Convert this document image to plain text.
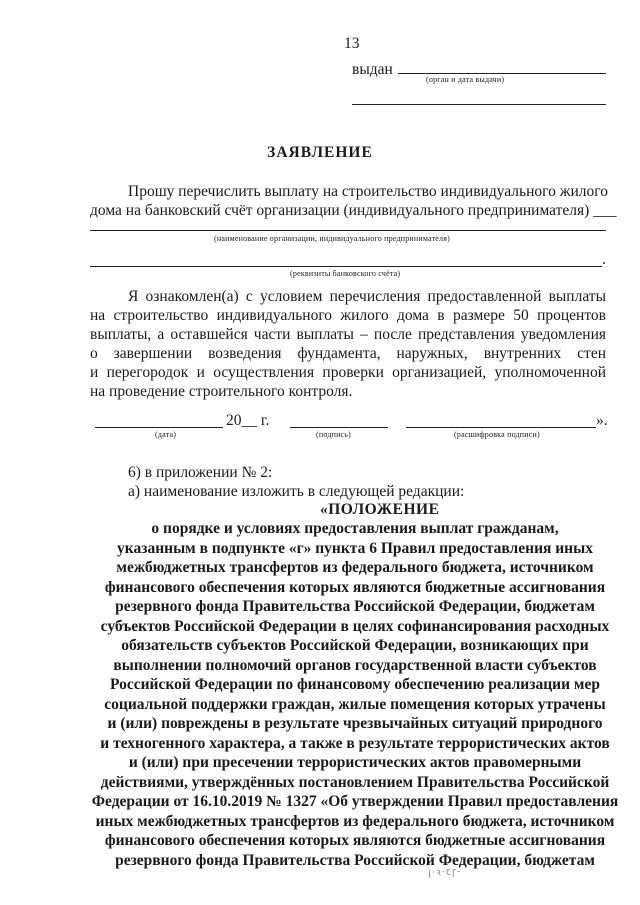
13
выдан
(орган и дата выдачи)
ЗАЯВЛЕНИЕ
Прошу перечислить выплату на строительство индивидуального жилого
дома на банковский счёт организации (индивидуального предпринимателя) ___
(наименование организации, индивидуального предпринимателя)
.
(реквизиты банковского счёта)
Я ознакомлен(а) с условием перечисления предоставленной выплаты
на строительство индивидуального жилого дома в размере 50 процентов
выплаты, а оставшейся части выплаты – после представления уведомления
о завершении возведения фундамента, наружных, внутренних стен
и перегородок и осуществления проверки организацией, уполномоченной
на проведение строительного контроля.
20__ г.	».
(дата)	(подпись)	(расшифровка подписи)
6) в приложении № 2:
а) наименование изложить в следующей редакции:
«ПОЛОЖЕНИЕ
о порядке и условиях предоставления выплат гражданам,
указанным в подпункте «г» пункта 6 Правил предоставления иных
межбюджетных трансфертов из федерального бюджета, источником
финансового обеспечения которых являются бюджетные ассигнования
резервного фонда Правительства Российской Федерации, бюджетам
субъектов Российской Федерации в целях софинансирования расходных
обязательств субъектов Российской Федерации, возникающих при
выполнении полномочий органов государственной власти субъектов
Российской Федерации по финансовому обеспечению реализации мер
социальной поддержки граждан, жилые помещения которых утрачены
и (или) повреждены в результате чрезвычайных ситуаций природного
и техногенного характера, а также в результате террористических актов
и (или) при пресечении террористических актов правомерными
действиями, утверждённых постановлением Правительства Российской
Федерации от 16.10.2019 № 1327 «Об утверждении Правил предоставления
иных межбюджетных трансфертов из федерального бюджета, источником
финансового обеспечения которых являются бюджетные ассигнования
резервного фонда Правительства Российской Федерации, бюджетам
ꞁ·ꝛ·ꞇꞅ-
